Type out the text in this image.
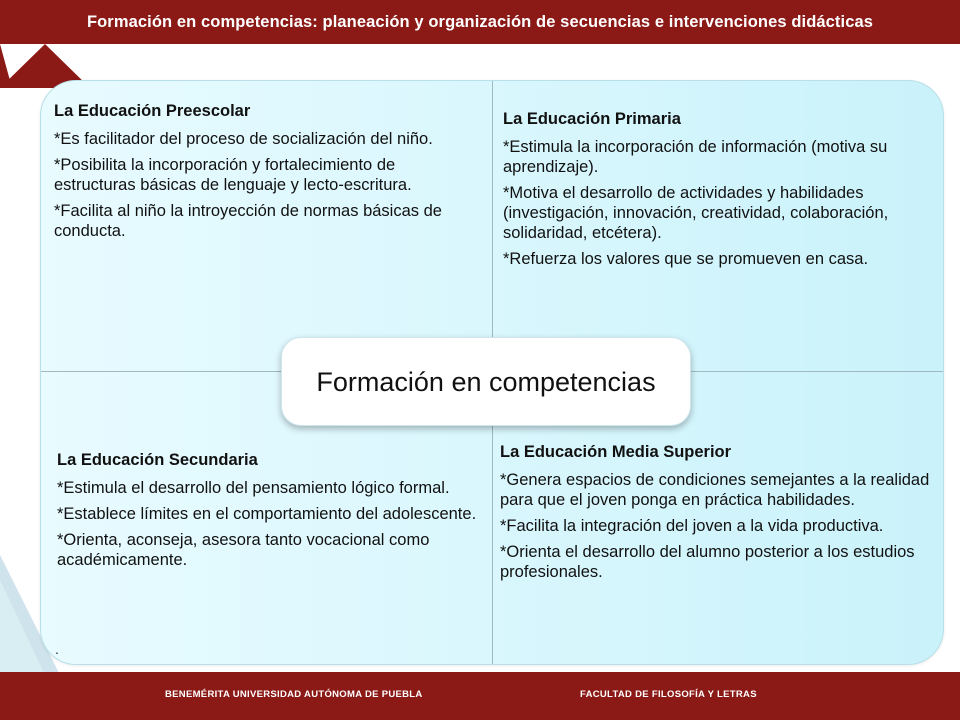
Formación en competencias: planeación y organización de secuencias e intervenciones didácticas
La Educación Preescolar

*Es facilitador del proceso de socialización del niño.

*Posibilita la incorporación y fortalecimiento de estructuras básicas de lenguaje y lecto-escritura.

*Facilita al niño la introyección de normas básicas de conducta.

La Educación Primaria

*Estimula la incorporación de información (motiva su aprendizaje).

*Motiva el desarrollo de actividades y habilidades (investigación, innovación, creatividad, colaboración, solidaridad, etcétera).

*Refuerza los valores que se promueven en casa.

La Educación Secundaria

*Estimula el desarrollo del pensamiento lógico formal.

*Establece límites en el comportamiento del adolescente.

*Orienta, aconseja, asesora tanto vocacional como académicamente.

.
La Educación Media Superior

*Genera espacios de condiciones semejantes a la realidad para que el joven ponga en práctica habilidades.

*Facilita la integración del joven a la vida productiva.

*Orienta el desarrollo del alumno posterior a los estudios profesionales.

Formación en competencias
BENEMÉRITA UNIVERSIDAD AUTÓNOMA DE PUEBLA	FACULTAD DE FILOSOFÍA Y LETRAS
